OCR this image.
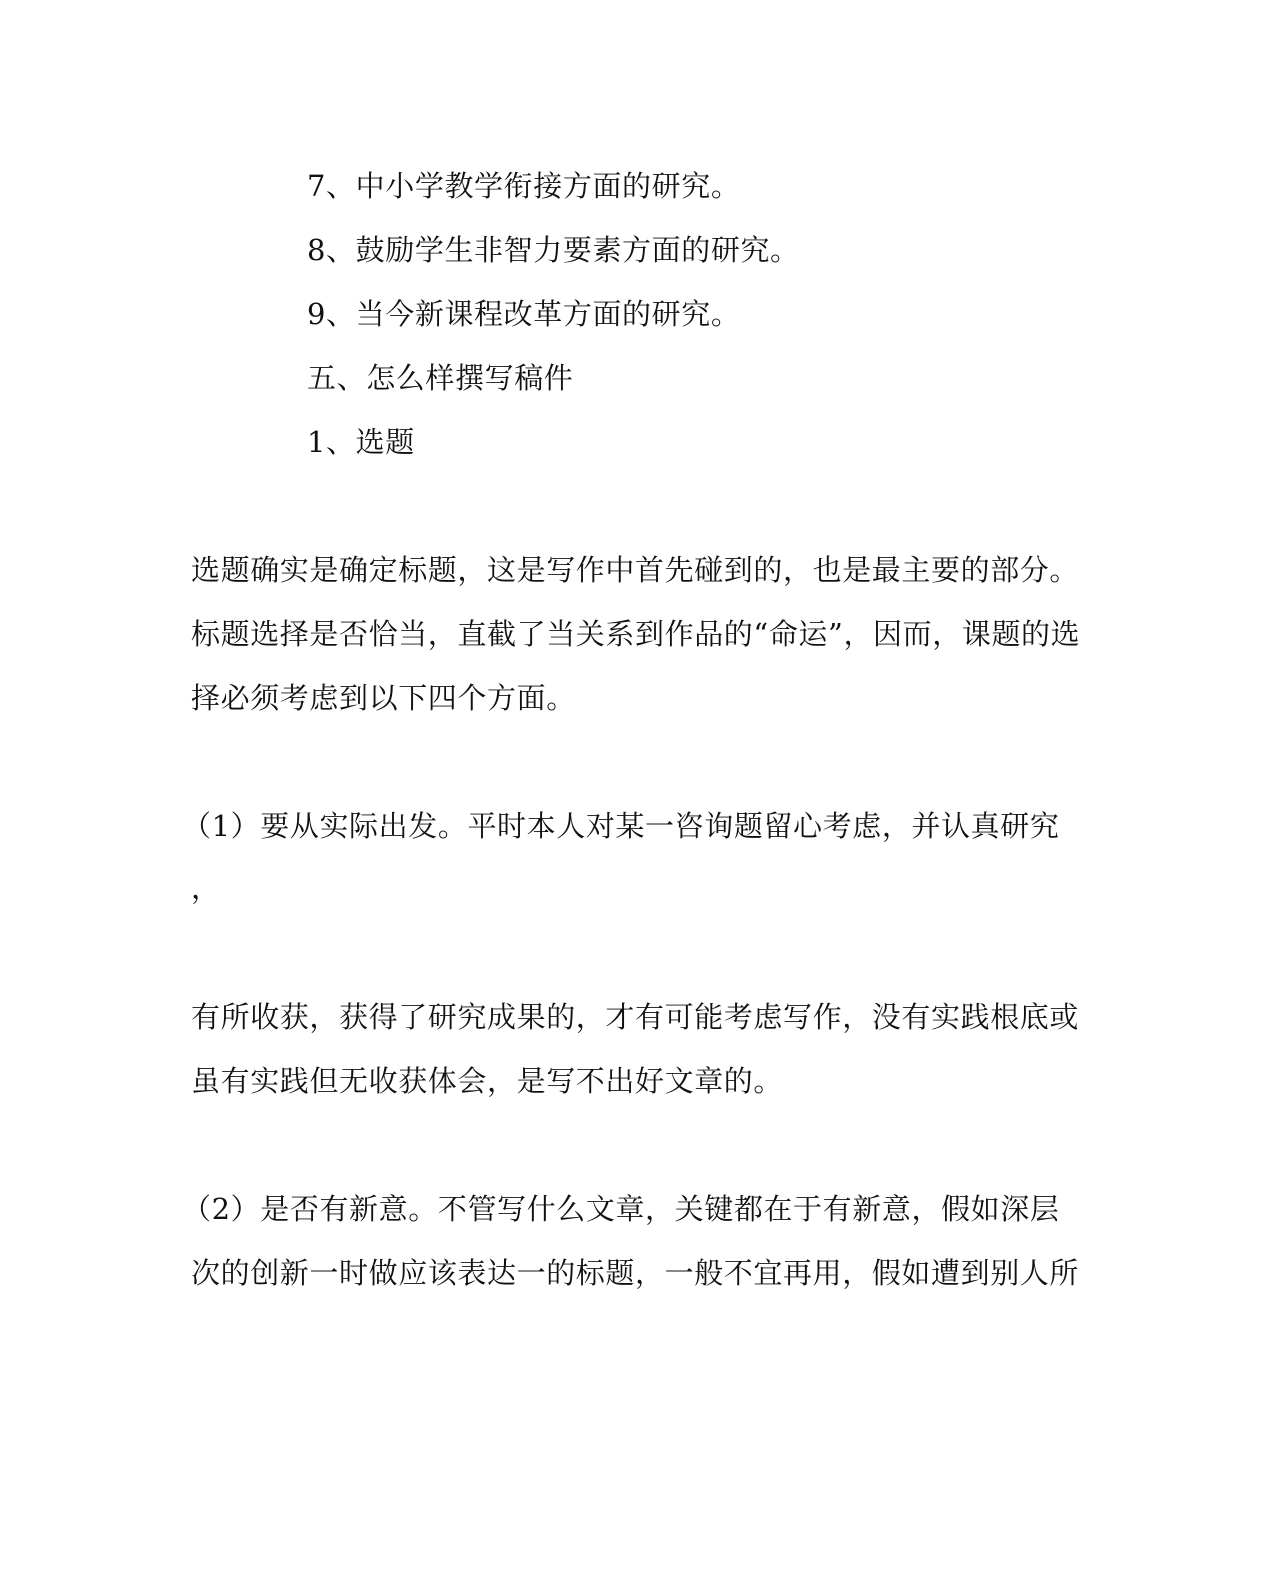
7、中小学教学衔接方面的研究。
8、鼓励学生非智力要素方面的研究。
9、当今新课程改革方面的研究。
五、怎么样撰写稿件
1、选题
选题确实是确定标题，这是写作中首先碰到的，也是最主要的部分。
标题选择是否恰当，直截了当关系到作品的“命运”，因而，课题的选
择必须考虑到以下四个方面。
（1）要从实际出发。平时本人对某一咨询题留心考虑，并认真研究
，
有所收获，获得了研究成果的，才有可能考虑写作，没有实践根底或
虽有实践但无收获体会，是写不出好文章的。
（2）是否有新意。不管写什么文章，关键都在于有新意，假如深层
次的创新一时做应该表达一的标题，一般不宜再用，假如遭到别人所
